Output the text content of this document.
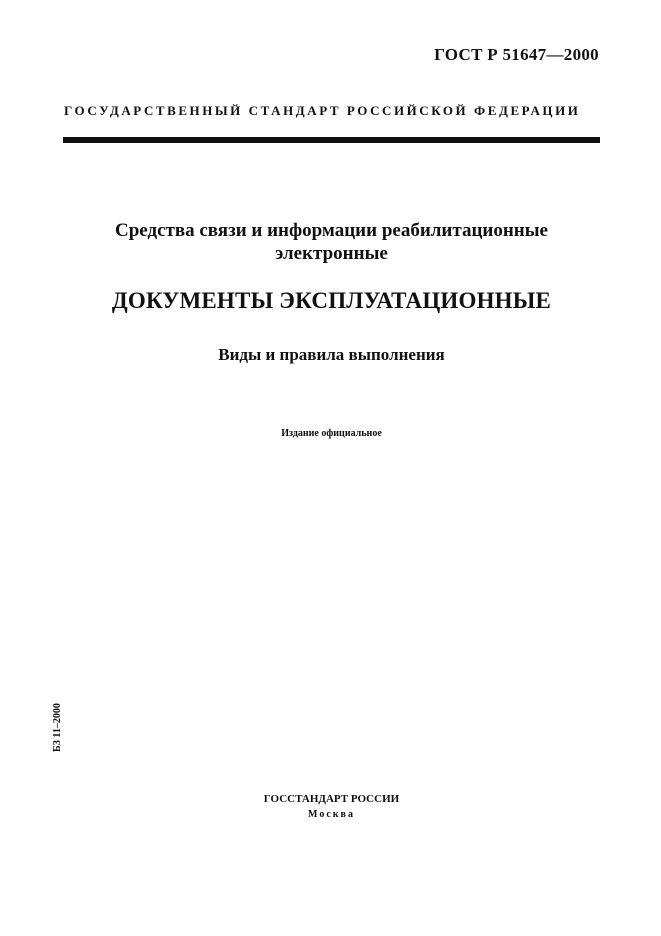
ГОСТ Р 51647—2000
ГОСУДАРСТВЕННЫЙ СТАНДАРТ РОССИЙСКОЙ ФЕДЕРАЦИИ
Средства связи и информации реабилитационные
электронные
ДОКУМЕНТЫ ЭКСПЛУАТАЦИОННЫЕ
Виды и правила выполнения
Издание официальное
БЗ 11–2000
ГОССТАНДАРТ РОССИИ
Москва
